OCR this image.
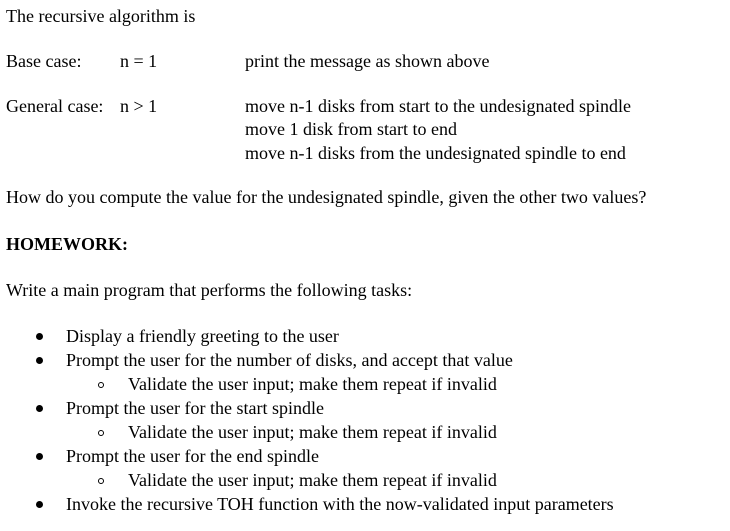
The recursive algorithm is
Base case: n = 1	print the message as shown above
General case: n > 1	move n-1 disks from start to the undesignated spindle
move 1 disk from start to end
move n-1 disks from the undesignated spindle to end
How do you compute the value for the undesignated spindle, given the other two values?
HOMEWORK:
Write a main program that performs the following tasks:
Display a friendly greeting to the user
Prompt the user for the number of disks, and accept that value
Validate the user input; make them repeat if invalid
Prompt the user for the start spindle
Validate the user input; make them repeat if invalid
Prompt the user for the end spindle
Validate the user input; make them repeat if invalid
Invoke the recursive TOH function with the now-validated input parameters
